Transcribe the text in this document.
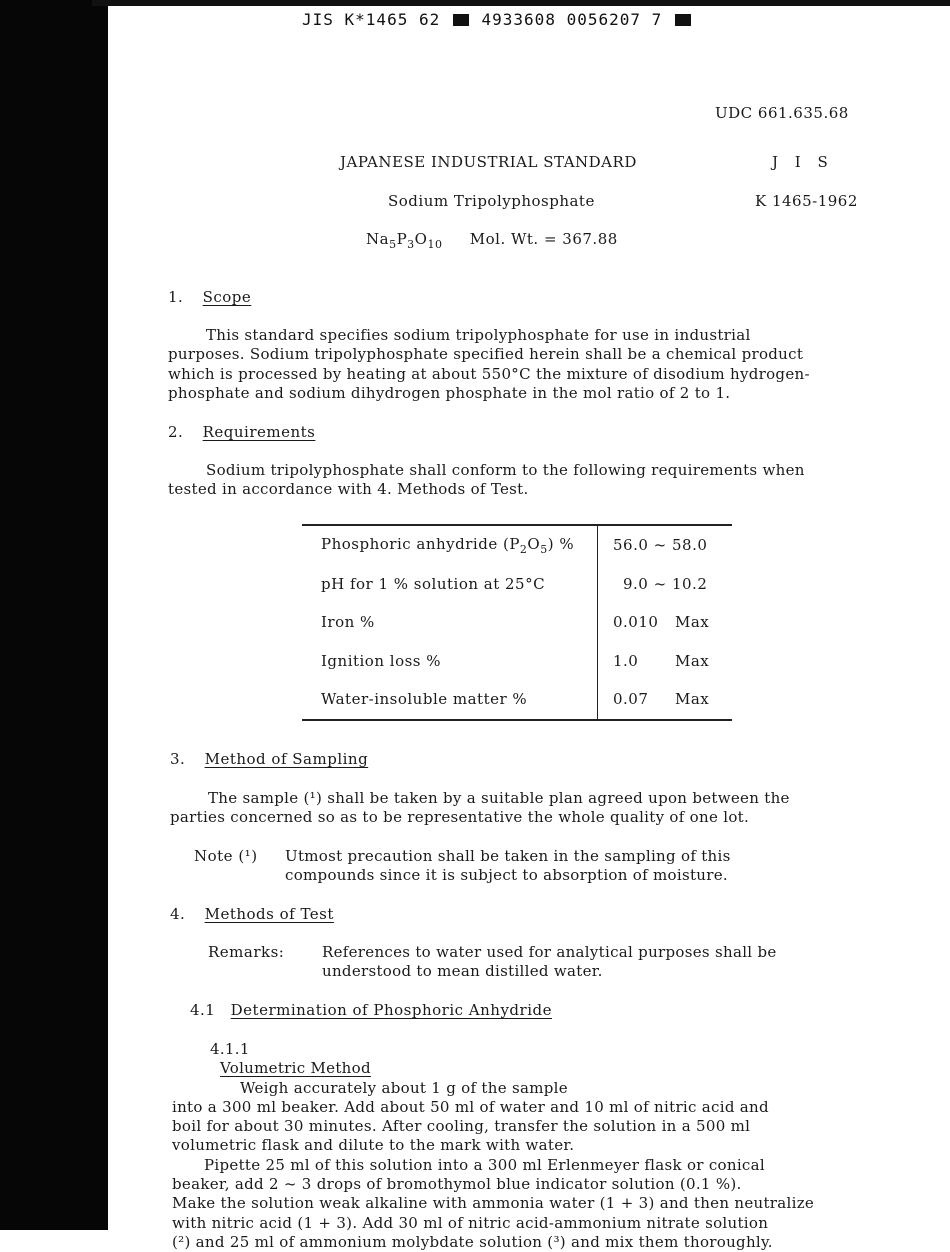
JIS K*1465 62	4933608 0056207 7
UDC 661.635.68
JAPANESE INDUSTRIAL STANDARD	J I S
Sodium Tripolyphosphate	K 1465-1962
$Na_5P_3O_{10}$ Mol. Wt. = 367.88
1. Scope
This standard specifies sodium tripolyphosphate for use in industrial
purposes. Sodium tripolyphosphate specified herein shall be a chemical product
which is processed by heating at about 550°C the mixture of disodium hydrogen-
phosphate and sodium dihydrogen phosphate in the mol ratio of 2 to 1.
2. Requirements
Sodium tripolyphosphate shall conform to the following requirements when
tested in accordance with 4. Methods of Test.
Phosphoric anhydride $(P_2O_5)$ %	56.0 ~ 58.0
pH for 1 % solution at 25°C	9.0 ~ 10.2
Iron %	0.010 Max
Ignition loss %	1.0 Max
Water-insoluble matter %	0.07 Max
3. Method of Sampling
The sample (¹) shall be taken by a suitable plan agreed upon between the
parties concerned so as to be representative the whole quality of one lot.
Note (¹) Utmost precaution shall be taken in the sampling of this
compounds since it is subject to absorption of moisture.
4. Methods of Test
Remarks:	References to water used for analytical purposes shall be
understood to mean distilled water.
4.1 Determination of Phosphoric Anhydride
4.1.1
Volumetric Method
Weigh accurately about 1 g of the sample
into a 300 ml beaker. Add about 50 ml of water and 10 ml of nitric acid and
boil for about 30 minutes. After cooling, transfer the solution in a 500 ml
volumetric flask and dilute to the mark with water.
Pipette 25 ml of this solution into a 300 ml Erlenmeyer flask or conical
beaker, add 2 ~ 3 drops of bromothymol blue indicator solution (0.1 %).
Make the solution weak alkaline with ammonia water (1 + 3) and then neutralize
with nitric acid (1 + 3). Add 30 ml of nitric acid-ammonium nitrate solution
(²) and 25 ml of ammonium molybdate solution (³) and mix them thoroughly.
